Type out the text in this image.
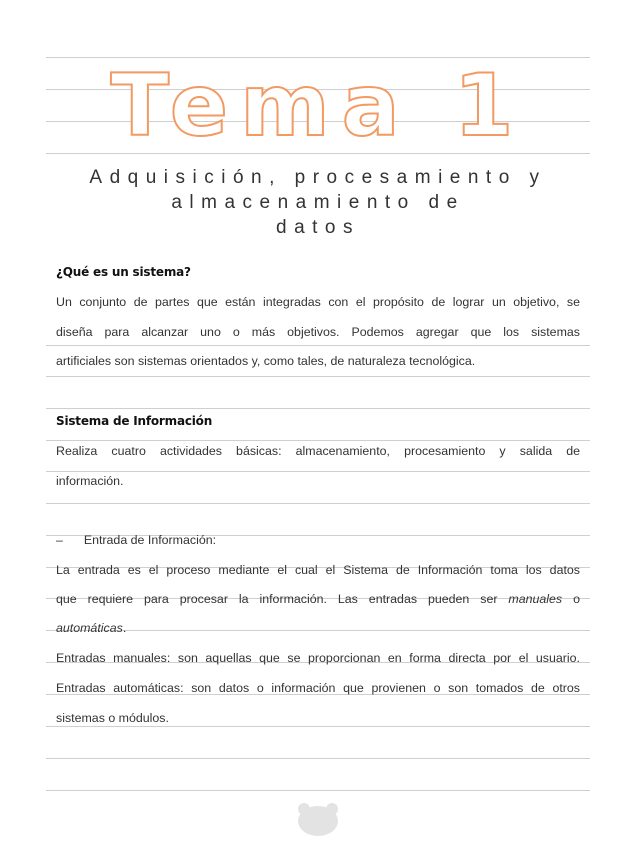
Tema 1
Adquisición, procesamiento y
almacenamiento de
datos
¿Qué es un sistema?
Un conjunto de partes que están integradas con el propósito de lograr un objetivo, se
diseña para alcanzar uno o más objetivos. Podemos agregar que los sistemas
artificiales son sistemas orientados y, como tales, de naturaleza tecnológica.
Sistema de Información
Realiza cuatro actividades básicas: almacenamiento, procesamiento y salida de
información.
– Entrada de Información:
La entrada es el proceso mediante el cual el Sistema de Información toma los datos
que requiere para procesar la información. Las entradas pueden ser manuales o
automáticas.
Entradas manuales: son aquellas que se proporcionan en forma directa por el usuario.
Entradas automáticas: son datos o información que provienen o son tomados de otros
sistemas o módulos.
